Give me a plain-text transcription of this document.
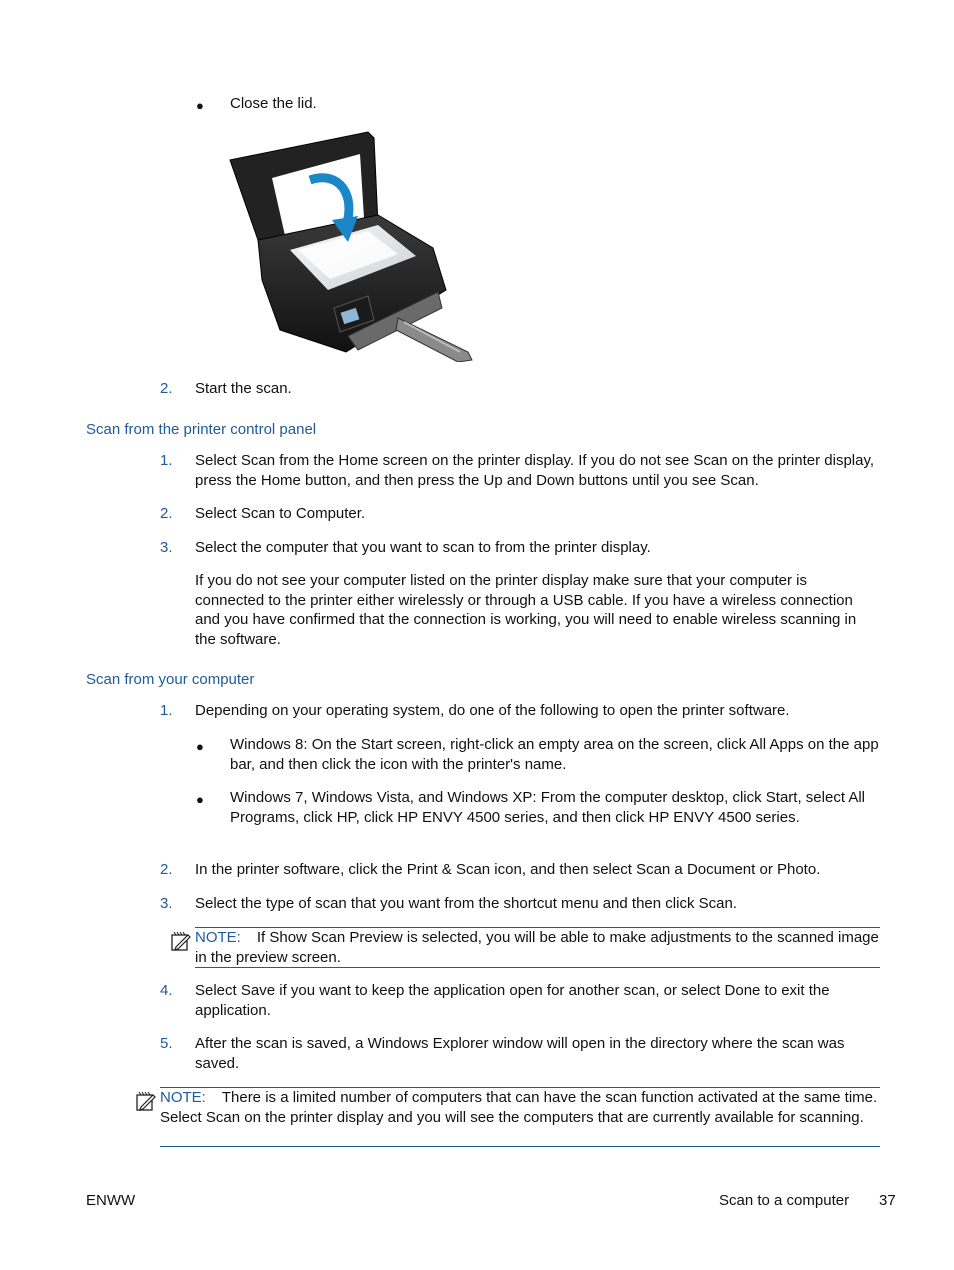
● Close the lid.
2. Start the scan.
Scan from the printer control panel
1. Select Scan from the Home screen on the printer display. If you do not see Scan on the printer display, press the Home button, and then press the Up and Down buttons until you see Scan.
2. Select Scan to Computer.
3. Select the computer that you want to scan to from the printer display.
If you do not see your computer listed on the printer display make sure that your computer is connected to the printer either wirelessly or through a USB cable. If you have a wireless connection and you have confirmed that the connection is working, you will need to enable wireless scanning in the software.
Scan from your computer
1. Depending on your operating system, do one of the following to open the printer software.
● Windows 8: On the Start screen, right-click an empty area on the screen, click All Apps on the app bar, and then click the icon with the printer's name.
● Windows 7, Windows Vista, and Windows XP: From the computer desktop, click Start, select All Programs, click HP, click HP ENVY 4500 series, and then click HP ENVY 4500 series.
2. In the printer software, click the Print & Scan icon, and then select Scan a Document or Photo.
3. Select the type of scan that you want from the shortcut menu and then click Scan.
NOTE: If Show Scan Preview is selected, you will be able to make adjustments to the scanned image in the preview screen.
4. Select Save if you want to keep the application open for another scan, or select Done to exit the application.
5. After the scan is saved, a Windows Explorer window will open in the directory where the scan was saved.
NOTE: There is a limited number of computers that can have the scan function activated at the same time. Select Scan on the printer display and you will see the computers that are currently available for scanning.
ENWW	Scan to a computer 37
